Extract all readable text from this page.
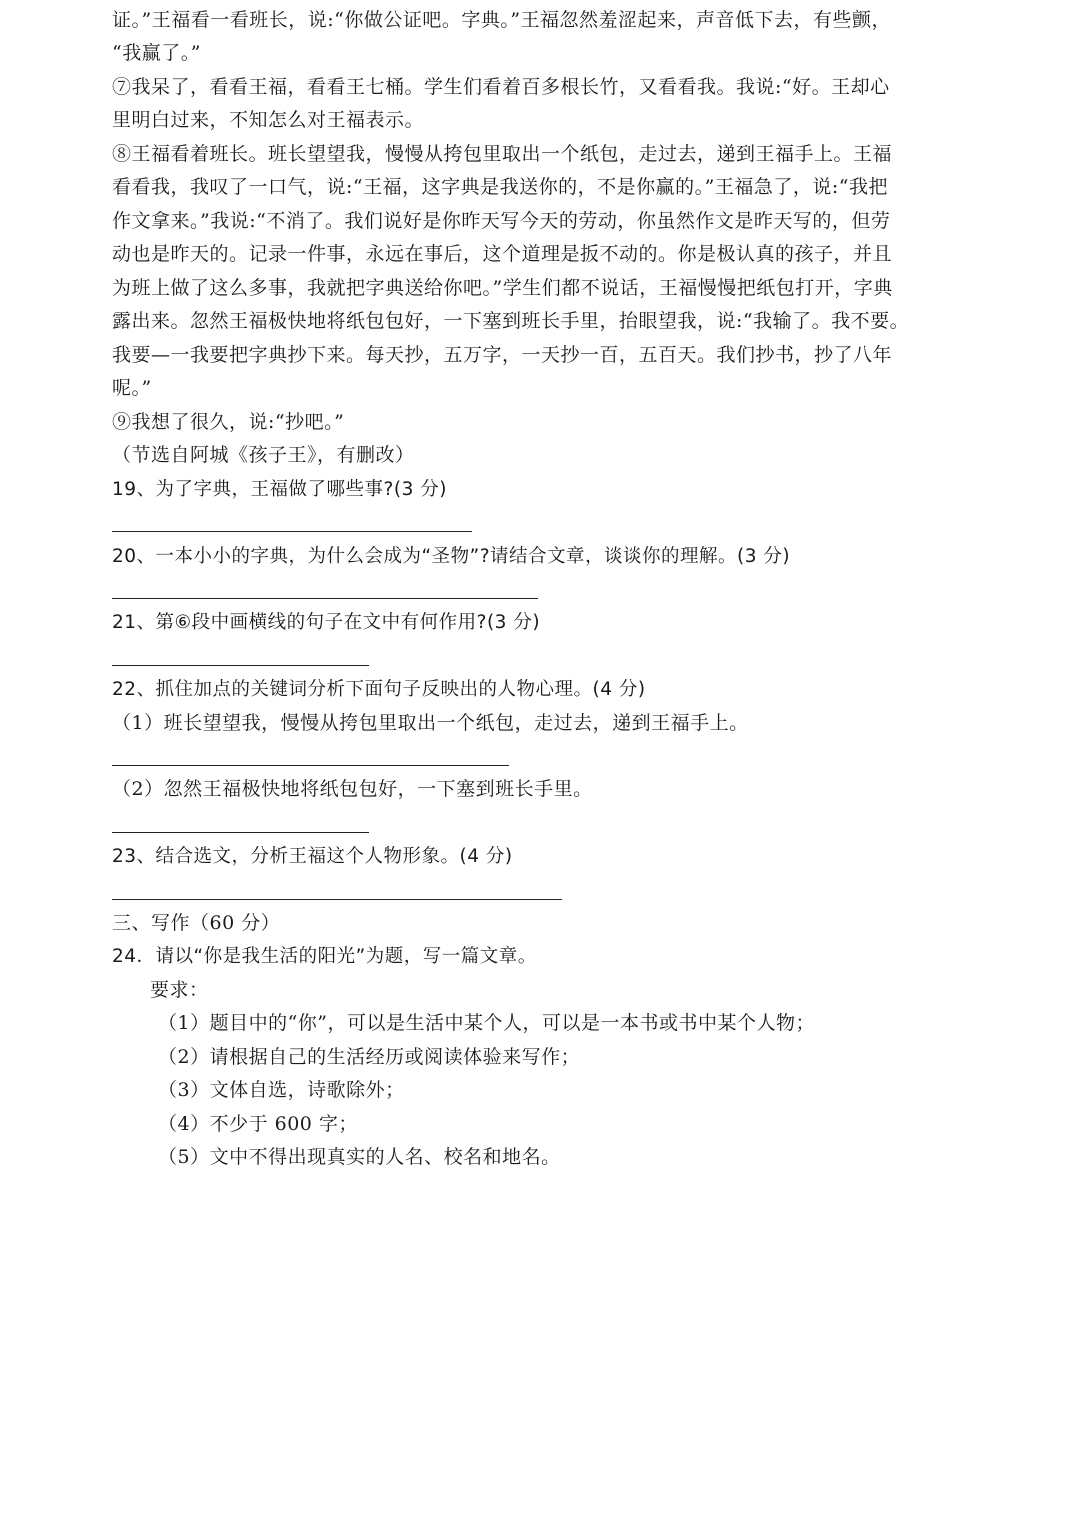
证。”王福看一看班长，说:“你做公证吧。字典。”王福忽然羞涩起来，声音低下去，有些颤，
“我赢了。”
⑦我呆了，看看王福，看看王七桶。学生们看着百多根长竹，又看看我。我说:“好。王却心
里明白过来，不知怎么对王福表示。
⑧王福看着班长。班长望望我，慢慢从挎包里取出一个纸包，走过去，递到王福手上。王福
看看我，我叹了一口气，说:“王福，这字典是我送你的，不是你赢的。”王福急了，说:“我把
作文拿来。”我说:“不消了。我们说好是你昨天写今天的劳动，你虽然作文是昨天写的，但劳
动也是昨天的。记录一件事，永远在事后，这个道理是扳不动的。你是极认真的孩子，并且
为班上做了这么多事，我就把字典送给你吧。”学生们都不说话，王福慢慢把纸包打开，字典
露出来。忽然王福极快地将纸包包好，一下塞到班长手里，抬眼望我，说:“我输了。我不要。
我要—一我要把字典抄下来。每天抄，五万字，一天抄一百，五百天。我们抄书，抄了八年
呢。”
⑨我想了很久，说:“抄吧。”
（节选自阿城《孩子王》，有删改）
19、为了字典，王福做了哪些事?(3 分)
20、一本小小的字典，为什么会成为“圣物”?请结合文章，谈谈你的理解。(3 分)
21、第⑥段中画横线的句子在文中有何作用?(3 分)
22、抓住加点的关键词分析下面句子反映出的人物心理。(4 分)
（1）班长望望我，慢慢从挎包里取出一个纸包，走过去，递到王福手上。
（2）忽然王福极快地将纸包包好，一下塞到班长手里。
23、结合选文，分析王福这个人物形象。(4 分)
三、写作（60 分）
24．请以“你是我生活的阳光”为题，写一篇文章。
要求：
（1）题目中的“你”，可以是生活中某个人，可以是一本书或书中某个人物；
（2）请根据自己的生活经历或阅读体验来写作；
（3）文体自选，诗歌除外；
（4）不少于 600 字；
（5）文中不得出现真实的人名、校名和地名。
